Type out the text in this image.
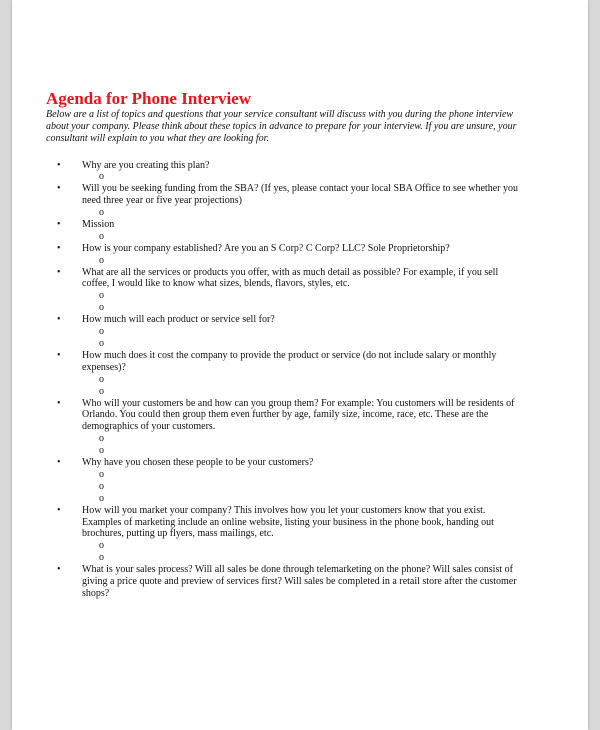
Agenda for Phone Interview

Below are a list of topics and questions that your service consultant will discuss with you during the phone interview about your company. Please think about these topics in advance to prepare for your interview. If you are unsure, your consultant will explain to you what they are looking for.

• Why are you creating this plan?
o
• Will you be seeking funding from the SBA? (If yes, please contact your local SBA Office to see whether you need three year or five year projections)
o
• Mission
o
• How is your company established? Are you an S Corp? C Corp? LLC? Sole Proprietorship?
o
• What are all the services or products you offer, with as much detail as possible? For example, if you sell coffee, I would like to know what sizes, blends, flavors, styles, etc.
o
o
• How much will each product or service sell for?
o
o
• How much does it cost the company to provide the product or service (do not include salary or monthly expenses)?
o
o
• Who will your customers be and how can you group them? For example: You customers will be residents of Orlando. You could then group them even further by age, family size, income, race, etc. These are the demographics of your customers.
o
o
• Why have you chosen these people to be your customers?
o
o
o
• How will you market your company? This involves how you let your customers know that you exist. Examples of marketing include an online website, listing your business in the phone book, handing out brochures, putting up flyers, mass mailings, etc.
o
o
• What is your sales process? Will all sales be done through telemarketing on the phone? Will sales consist of giving a price quote and preview of services first? Will sales be completed in a retail store after the customer shops?
